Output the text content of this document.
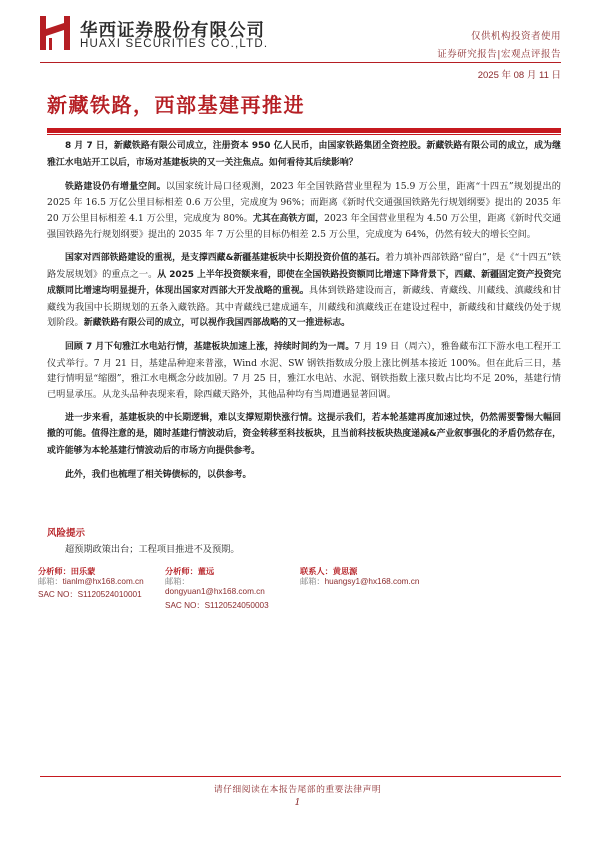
华西证券股份有限公司
HUAXI SECURITIES CO.,LTD.
仅供机构投资者使用
证券研究报告|宏观点评报告
2025 年 08 月 11 日
新藏铁路，西部基建再推进

8 月 7 日，新藏铁路有限公司成立，注册资本 950 亿人民币，由国家铁路集团全资控股。新藏铁路有限公司的成立，成为继雅江水电站开工以后，市场对基建板块的又一关注焦点。如何看待其后续影响？

铁路建设仍有增量空间。以国家统计局口径观测，2023 年全国铁路营业里程为 15.9 万公里，距离“十四五”规划提出的 2025 年 16.5 万亿公里目标相差 0.6 万公里，完成度为 96%；而距离《新时代交通强国铁路先行规划纲要》提出的 2035 年 20 万公里目标相差 4.1 万公里，完成度为 80%。尤其在高铁方面，2023 年全国营业里程为 4.50 万公里，距离《新时代交通强国铁路先行规划纲要》提出的 2035 年 7 万公里的目标仍相差 2.5 万公里，完成度为 64%，仍然有较大的增长空间。

国家对西部铁路建设的重视，是支撑西藏&新疆基建板块中长期投资价值的基石。着力填补西部铁路“留白”，是《“十四五”铁路发展规划》的重点之一。从 2025 上半年投资额来看，即使在全国铁路投资额同比增速下降背景下，西藏、新疆固定资产投资完成额同比增速均明显提升，体现出国家对西部大开发战略的重视。具体到铁路建设而言，新藏线、青藏线、川藏线、滇藏线和甘藏线为我国中长期规划的五条入藏铁路。其中青藏线已建成通车，川藏线和滇藏线正在建设过程中，新藏线和甘藏线仍处于规划阶段。新藏铁路有限公司的成立，可以视作我国西部战略的又一推进标志。

回顾 7 月下旬雅江水电站行情，基建板块加速上涨，持续时间约为一周。7 月 19 日（周六），雅鲁藏布江下游水电工程开工仪式举行。7 月 21 日，基建品种迎来普涨，Wind 水泥、SW 钢铁指数成分股上涨比例基本接近 100%。但在此后三日，基建行情明显“缩圈”，雅江水电概念分歧加剧。7 月 25 日，雅江水电站、水泥、钢铁指数上涨只数占比均不足 20%，基建行情已明显承压。从龙头品种表现来看，除西藏天路外，其他品种均有当周遭遇显著回调。

进一步来看，基建板块的中长期逻辑，难以支撑短期快涨行情。这提示我们，若本轮基建再度加速过快，仍然需要警惕大幅回撤的可能。值得注意的是，随时基建行情波动后，资金转移至科技板块，且当前科技板块热度递减&产业叙事强化的矛盾仍然存在，或许能够为本轮基建行情波动后的市场方向提供参考。

此外，我们也梳理了相关铸债标的，以供参考。

风险提示
超预期政策出台；工程项目推进不及预期。
分析师：田乐蒙
邮箱：tianlm@hx168.com.cn
SAC NO：S1120524010001
分析师：董远
邮箱：
dongyuan1@hx168.com.cn
SAC NO：S1120524050003
联系人：黄思源
邮箱：huangsy1@hx168.com.cn
请仔细阅读在本报告尾部的重要法律声明
1
